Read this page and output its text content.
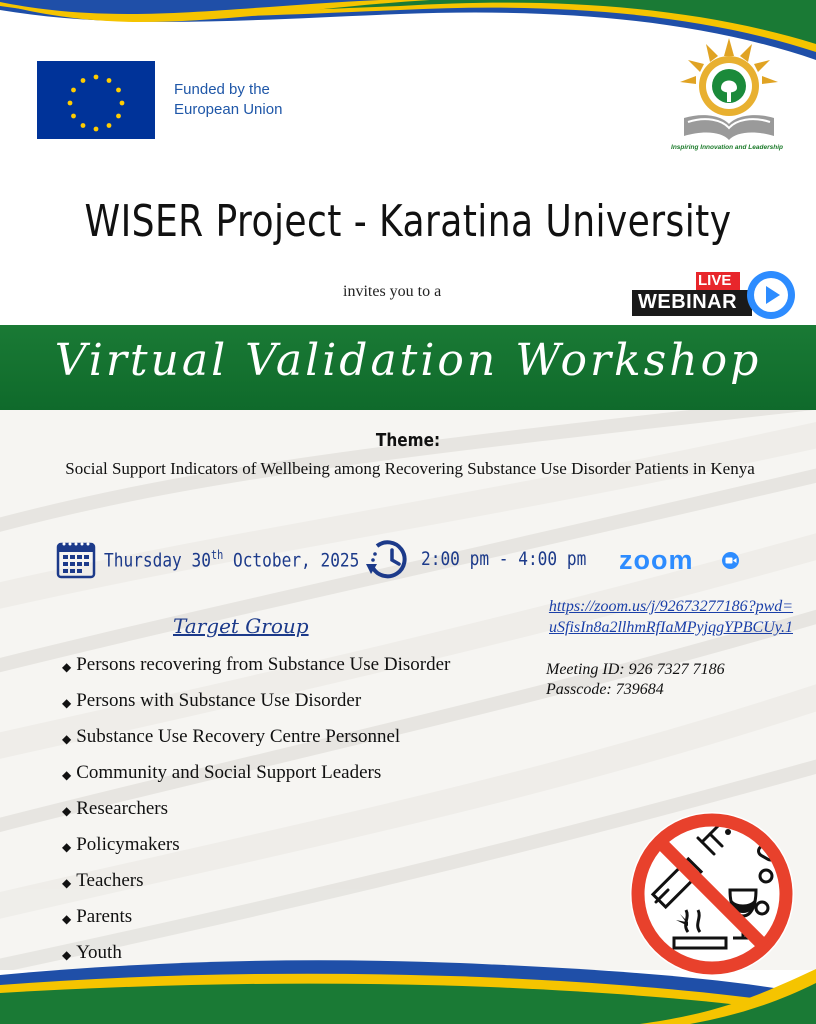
Funded by the
European Union
Inspiring Innovation and Leadership
WISER Project - Karatina University
invites you to a	WEBINAR
LIVE
Virtual Validation Workshop
Theme:
Social Support Indicators of Wellbeing among Recovering Substance Use Disorder Patients in Kenya
Thursday 30th October, 2025	2:00 pm - 4:00 pm zoom
Target Group
◆ Persons recovering from Substance Use Disorder
◆ Persons with Substance Use Disorder
◆ Substance Use Recovery Centre Personnel
◆ Community and Social Support Leaders
◆ Researchers
◆ Policymakers
◆ Teachers
◆ Parents
◆ Youth
https://zoom.us/j/92673277186?pwd=uSfisIn8a2llhmRfIaMPyjqgYPBCUy.1
Meeting ID: 926 7327 7186
Passcode: 739684
